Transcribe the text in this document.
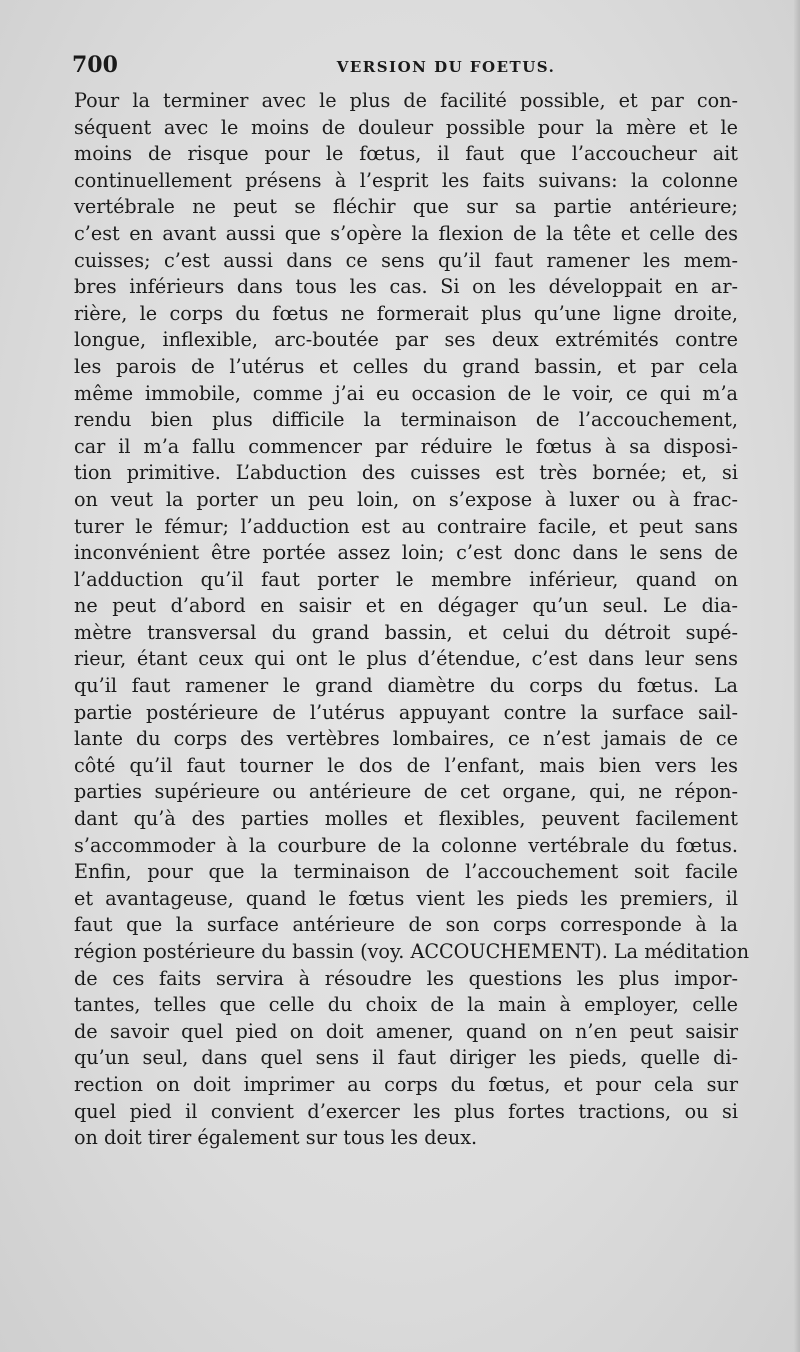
700	VERSION DU FOETUS.
Pour la terminer avec le plus de facilité possible, et par con-
séquent avec le moins de douleur possible pour la mère et le
moins de risque pour le fœtus, il faut que l’accoucheur ait
continuellement présens à l’esprit les faits suivans: la colonne
vertébrale ne peut se fléchir que sur sa partie antérieure;
c’est en avant aussi que s’opère la flexion de la tête et celle des
cuisses; c’est aussi dans ce sens qu’il faut ramener les mem-
bres inférieurs dans tous les cas. Si on les développait en ar-
rière, le corps du fœtus ne formerait plus qu’une ligne droite,
longue, inflexible, arc-boutée par ses deux extrémités contre
les parois de l’utérus et celles du grand bassin, et par cela
même immobile, comme j’ai eu occasion de le voir, ce qui m’a
rendu bien plus difficile la terminaison de l’accouchement,
car il m’a fallu commencer par réduire le fœtus à sa disposi-
tion primitive. L’abduction des cuisses est très bornée; et, si
on veut la porter un peu loin, on s’expose à luxer ou à frac-
turer le fémur; l’adduction est au contraire facile, et peut sans
inconvénient être portée assez loin; c’est donc dans le sens de
l’adduction qu’il faut porter le membre inférieur, quand on
ne peut d’abord en saisir et en dégager qu’un seul. Le dia-
mètre transversal du grand bassin, et celui du détroit supé-
rieur, étant ceux qui ont le plus d’étendue, c’est dans leur sens
qu’il faut ramener le grand diamètre du corps du fœtus. La
partie postérieure de l’utérus appuyant contre la surface sail-
lante du corps des vertèbres lombaires, ce n’est jamais de ce
côté qu’il faut tourner le dos de l’enfant, mais bien vers les
parties supérieure ou antérieure de cet organe, qui, ne répon-
dant qu’à des parties molles et flexibles, peuvent facilement
s’accommoder à la courbure de la colonne vertébrale du fœtus.
Enfin, pour que la terminaison de l’accouchement soit facile
et avantageuse, quand le fœtus vient les pieds les premiers, il
faut que la surface antérieure de son corps corresponde à la
région postérieure du bassin (voy. ACCOUCHEMENT). La méditation
de ces faits servira à résoudre les questions les plus impor-
tantes, telles que celle du choix de la main à employer, celle
de savoir quel pied on doit amener, quand on n’en peut saisir
qu’un seul, dans quel sens il faut diriger les pieds, quelle di-
rection on doit imprimer au corps du fœtus, et pour cela sur
quel pied il convient d’exercer les plus fortes tractions, ou si
on doit tirer également sur tous les deux.
